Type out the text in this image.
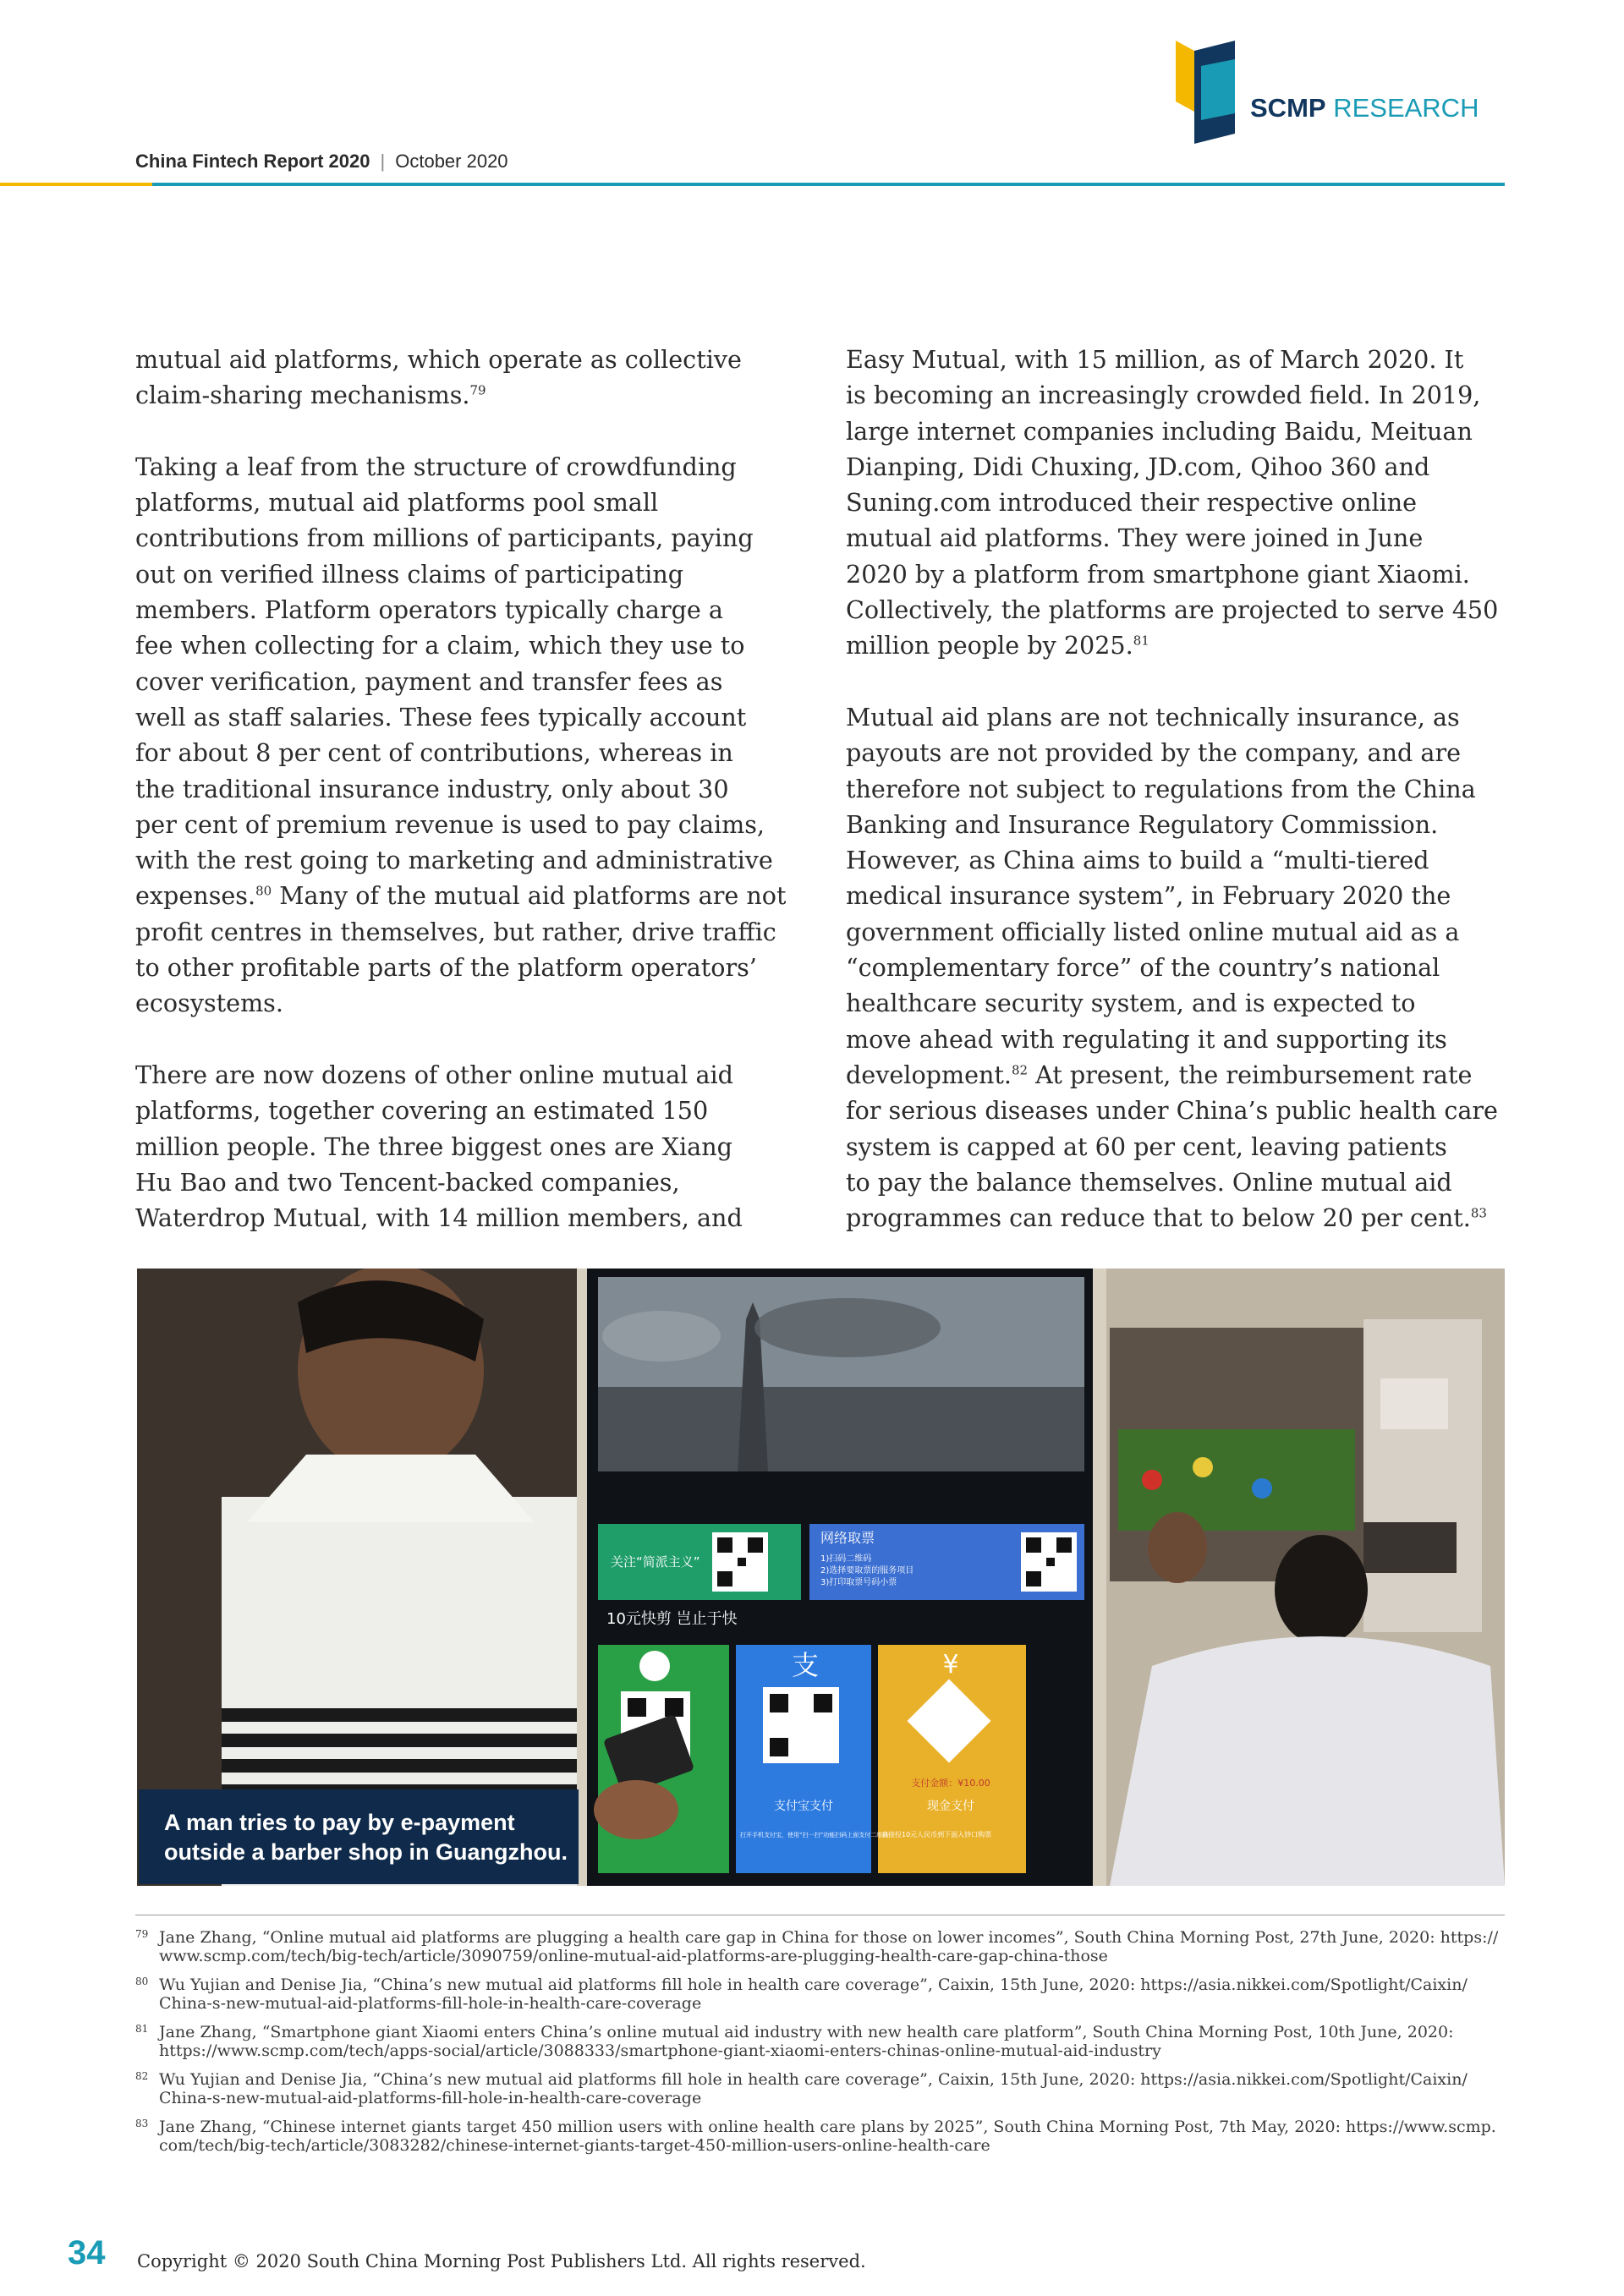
China Fintech Report 2020 | October 2020
SCMP RESEARCH

mutual aid platforms, which operate as collective
claim-sharing mechanisms.$^{79}$

Taking a leaf from the structure of crowdfunding
platforms, mutual aid platforms pool small
contributions from millions of participants, paying
out on verified illness claims of participating
members. Platform operators typically charge a
fee when collecting for a claim, which they use to
cover verification, payment and transfer fees as
well as staff salaries. These fees typically account
for about 8 per cent of contributions, whereas in
the traditional insurance industry, only about 30
per cent of premium revenue is used to pay claims,
with the rest going to marketing and administrative
expenses.$^{80}$ Many of the mutual aid platforms are not
profit centres in themselves, but rather, drive traffic
to other profitable parts of the platform operators’
ecosystems.

There are now dozens of other online mutual aid
platforms, together covering an estimated 150
million people. The three biggest ones are Xiang
Hu Bao and two Tencent-backed companies,
Waterdrop Mutual, with 14 million members, and

Easy Mutual, with 15 million, as of March 2020. It
is becoming an increasingly crowded field. In 2019,
large internet companies including Baidu, Meituan
Dianping, Didi Chuxing, JD.com, Qihoo 360 and
Suning.com introduced their respective online
mutual aid platforms. They were joined in June
2020 by a platform from smartphone giant Xiaomi.
Collectively, the platforms are projected to serve 450
million people by 2025.81

Mutual aid plans are not technically insurance, as
payouts are not provided by the company, and are
therefore not subject to regulations from the China
Banking and Insurance Regulatory Commission.
However, as China aims to build a “multi-tiered
medical insurance system”, in February 2020 the
government officially listed online mutual aid as a
“complementary force” of the country’s national
healthcare security system, and is expected to
move ahead with regulating it and supporting its
development.$^{82}$ At present, the reimbursement rate
for serious diseases under China’s public health care
system is capped at 60 per cent, leaving patients
to pay the balance themselves. Online mutual aid
programmes can reduce that to below 20 per cent.$^{83}$

关注“简派主义”
网络取票
1)扫码二维码
2)选择要取票的服务项目
3)打印取票号码小票
10元快剪 岂止于快
支	¥
支付宝支付
支付金额：¥10.00
现金支付
打开手机支付宝，使用“扫一扫”功能扫码上面支付二维码
直接投10元人民币到下面入钞口购票
A man tries to pay by e-payment
outside a barber shop in Guangzhou.
79 Jane Zhang, “Online mutual aid platforms are plugging a health care gap in China for those on lower incomes”, South China Morning Post, 27th June, 2020: https://
www.scmp.com/tech/big-tech/article/3090759/online-mutual-aid-platforms-are-plugging-health-care-gap-china-those
80 Wu Yujian and Denise Jia, “China’s new mutual aid platforms fill hole in health care coverage”, Caixin, 15th June, 2020: https://asia.nikkei.com/Spotlight/Caixin/
China-s-new-mutual-aid-platforms-fill-hole-in-health-care-coverage
81 Jane Zhang, “Smartphone giant Xiaomi enters China’s online mutual aid industry with new health care platform”, South China Morning Post, 10th June, 2020:
https://www.scmp.com/tech/apps-social/article/3088333/smartphone-giant-xiaomi-enters-chinas-online-mutual-aid-industry
82 Wu Yujian and Denise Jia, “China’s new mutual aid platforms fill hole in health care coverage”, Caixin, 15th June, 2020: https://asia.nikkei.com/Spotlight/Caixin/
China-s-new-mutual-aid-platforms-fill-hole-in-health-care-coverage
83 Jane Zhang, “Chinese internet giants target 450 million users with online health care plans by 2025”, South China Morning Post, 7th May, 2020: https://www.scmp.
com/tech/big-tech/article/3083282/chinese-internet-giants-target-450-million-users-online-health-care
34 Copyright © 2020 South China Morning Post Publishers Ltd. All rights reserved.
